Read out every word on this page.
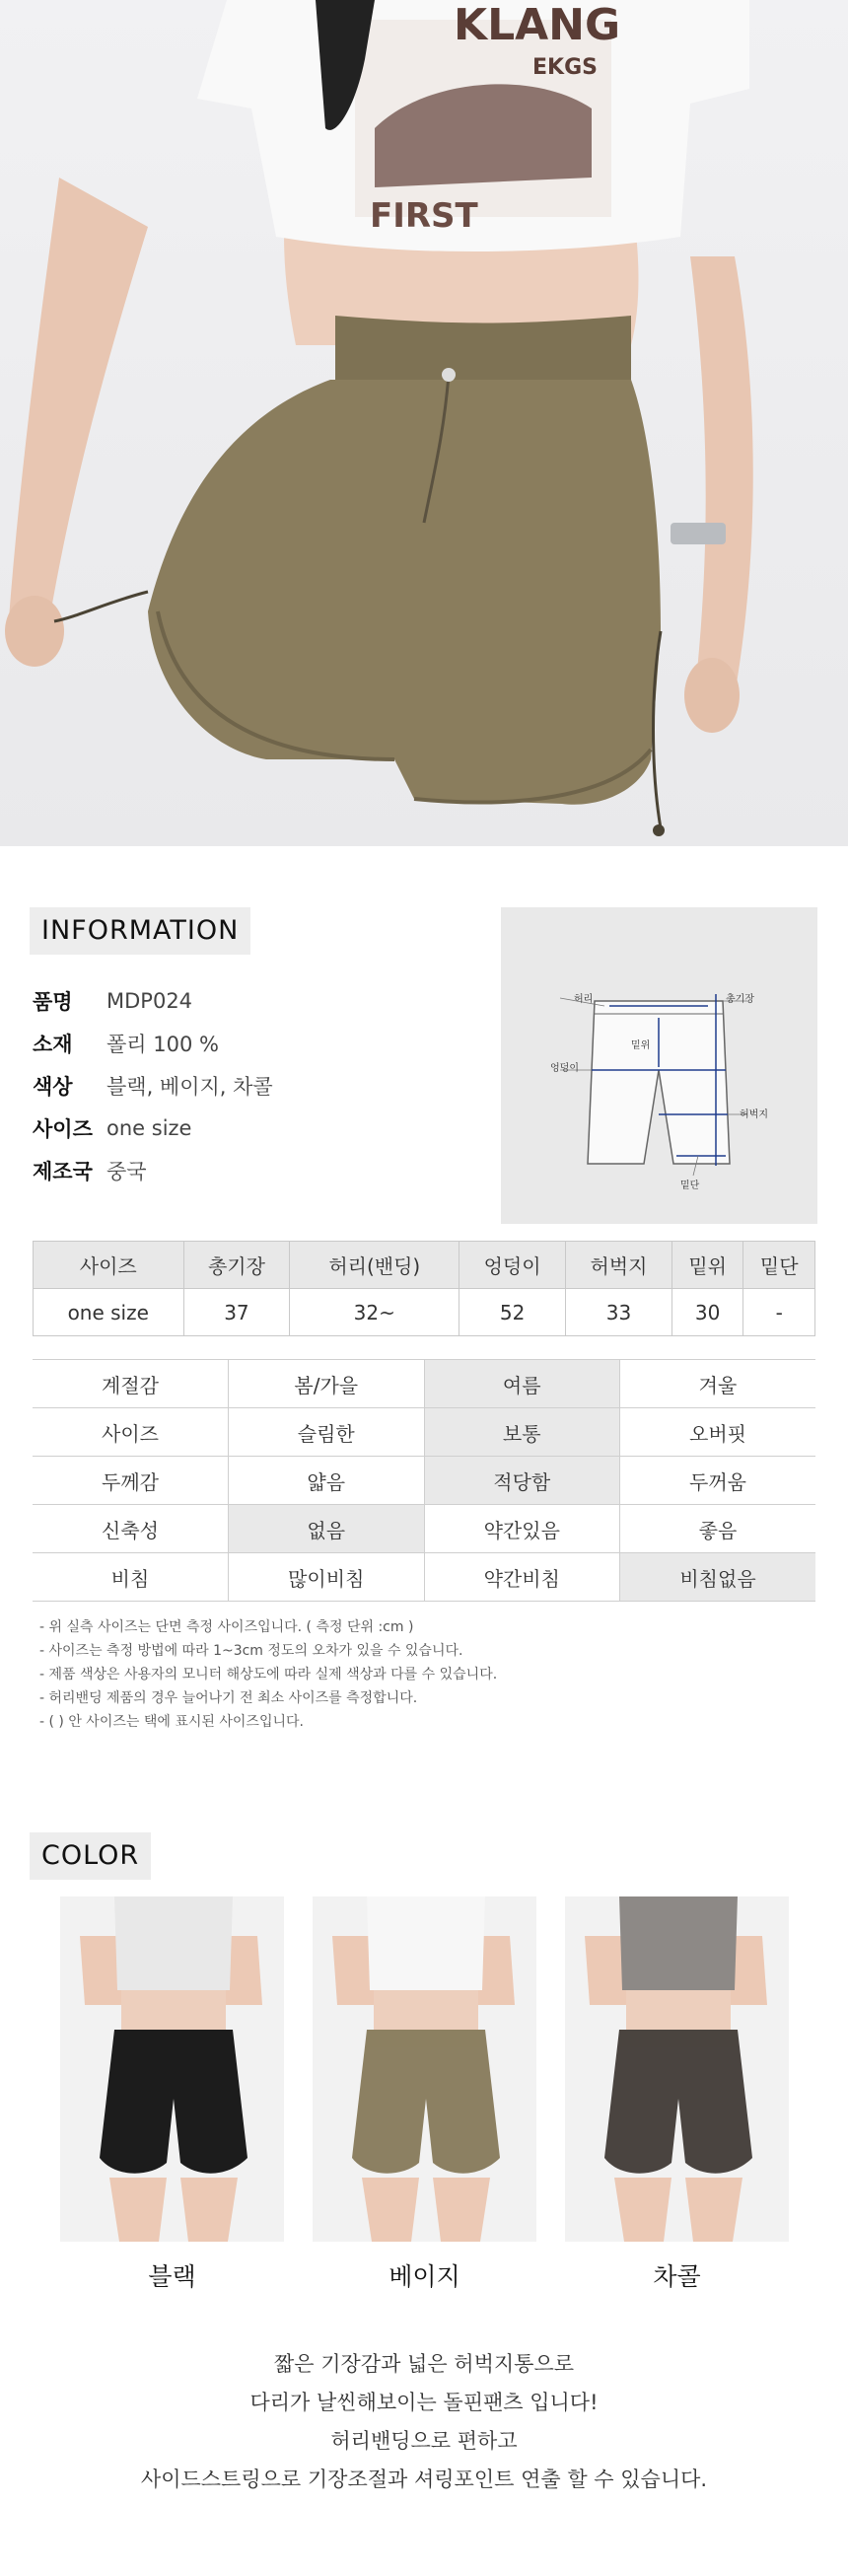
KLANG
EKGS
FIRST
INFORMATION
품명	MDP024
소재	폴리 100 %
색상	블랙, 베이지, 차콜
사이즈 one size
제조국 중국
허리	총기장
밑위
엉덩이
허벅지
밑단
사이즈	총기장	허리(밴딩)	엉덩이	허벅지	밑위	밑단
one size	37	32~	52	33	30	-
계절감	봄/가을	여름	겨울
사이즈	슬림한	보통	오버핏
두께감	얇음	적당함	두꺼움
신축성	없음	약간있음	좋음
비침	많이비침	약간비침	비침없음
- 위 실측 사이즈는 단면 측정 사이즈입니다. ( 측정 단위 :cm )
- 사이즈는 측정 방법에 따라 1~3cm 정도의 오차가 있을 수 있습니다.
- 제품 색상은 사용자의 모니터 해상도에 따라 실제 색상과 다를 수 있습니다.
- 허리밴딩 제품의 경우 늘어나기 전 최소 사이즈를 측정합니다.
- ( ) 안 사이즈는 택에 표시된 사이즈입니다.
COLOR
블랙	베이지	차콜
짧은 기장감과 넓은 허벅지통으로
다리가 날씬해보이는 돌핀팬츠 입니다!
허리밴딩으로 편하고
사이드스트링으로 기장조절과 셔링포인트 연출 할 수 있습니다.
